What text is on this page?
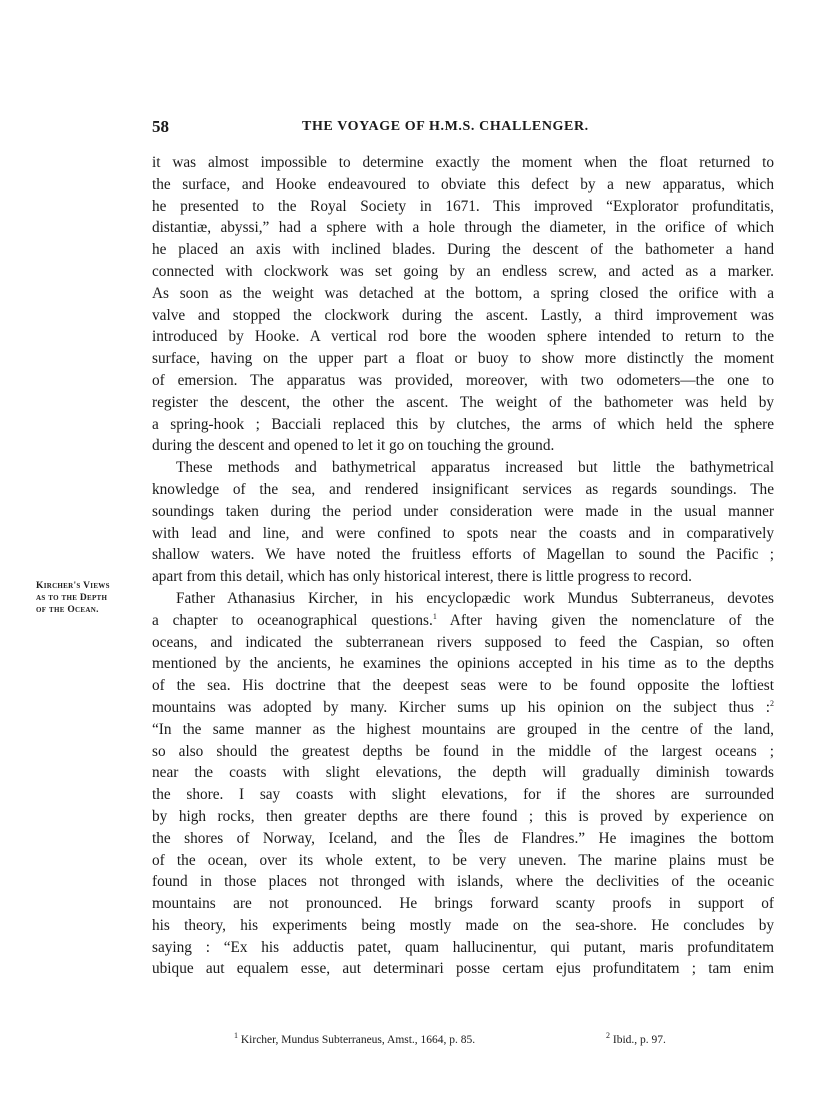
58	THE VOYAGE OF H.M.S. CHALLENGER.
Kircher's Views
as to the Depth
of the Ocean.

it was almost impossible to determine exactly the moment when the float returned to
the surface, and Hooke endeavoured to obviate this defect by a new apparatus, which
he presented to the Royal Society in 1671. This improved “Explorator profunditatis,
distantiæ, abyssi,” had a sphere with a hole through the diameter, in the orifice of which
he placed an axis with inclined blades. During the descent of the bathometer a hand
connected with clockwork was set going by an endless screw, and acted as a marker.
As soon as the weight was detached at the bottom, a spring closed the orifice with a
valve and stopped the clockwork during the ascent. Lastly, a third improvement was
introduced by Hooke. A vertical rod bore the wooden sphere intended to return to the
surface, having on the upper part a float or buoy to show more distinctly the moment
of emersion. The apparatus was provided, moreover, with two odometers—the one to
register the descent, the other the ascent. The weight of the bathometer was held by
a spring-hook ; Bacciali replaced this by clutches, the arms of which held the sphere
during the descent and opened to let it go on touching the ground.

These methods and bathymetrical apparatus increased but little the bathymetrical
knowledge of the sea, and rendered insignificant services as regards soundings. The
soundings taken during the period under consideration were made in the usual manner
with lead and line, and were confined to spots near the coasts and in comparatively
shallow waters. We have noted the fruitless efforts of Magellan to sound the Pacific ;
apart from this detail, which has only historical interest, there is little progress to record.

Father Athanasius Kircher, in his encyclopædic work Mundus Subterraneus, devotes
a chapter to oceanographical questions.$^1$ After having given the nomenclature of the
oceans, and indicated the subterranean rivers supposed to feed the Caspian, so often
mentioned by the ancients, he examines the opinions accepted in his time as to the depths
of the sea. His doctrine that the deepest seas were to be found opposite the loftiest
mountains was adopted by many. Kircher sums up his opinion on the subject thus :$^2$
“In the same manner as the highest mountains are grouped in the centre of the land,
so also should the greatest depths be found in the middle of the largest oceans ;
near the coasts with slight elevations, the depth will gradually diminish towards
the shore. I say coasts with slight elevations, for if the shores are surrounded
by high rocks, then greater depths are there found ; this is proved by experience on
the shores of Norway, Iceland, and the Îles de Flandres.” He imagines the bottom
of the ocean, over its whole extent, to be very uneven. The marine plains must be
found in those places not thronged with islands, where the declivities of the oceanic
mountains are not pronounced. He brings forward scanty proofs in support of
his theory, his experiments being mostly made on the sea-shore. He concludes by
saying : “Ex his adductis patet, quam hallucinentur, qui putant, maris profunditatem
ubique aut equalem esse, aut determinari posse certam ejus profunditatem ; tam enim

$^1$ Kircher, Mundus Subterraneus, Amst., 1664, p. 85.	$^2$ Ibid., p. 97.
